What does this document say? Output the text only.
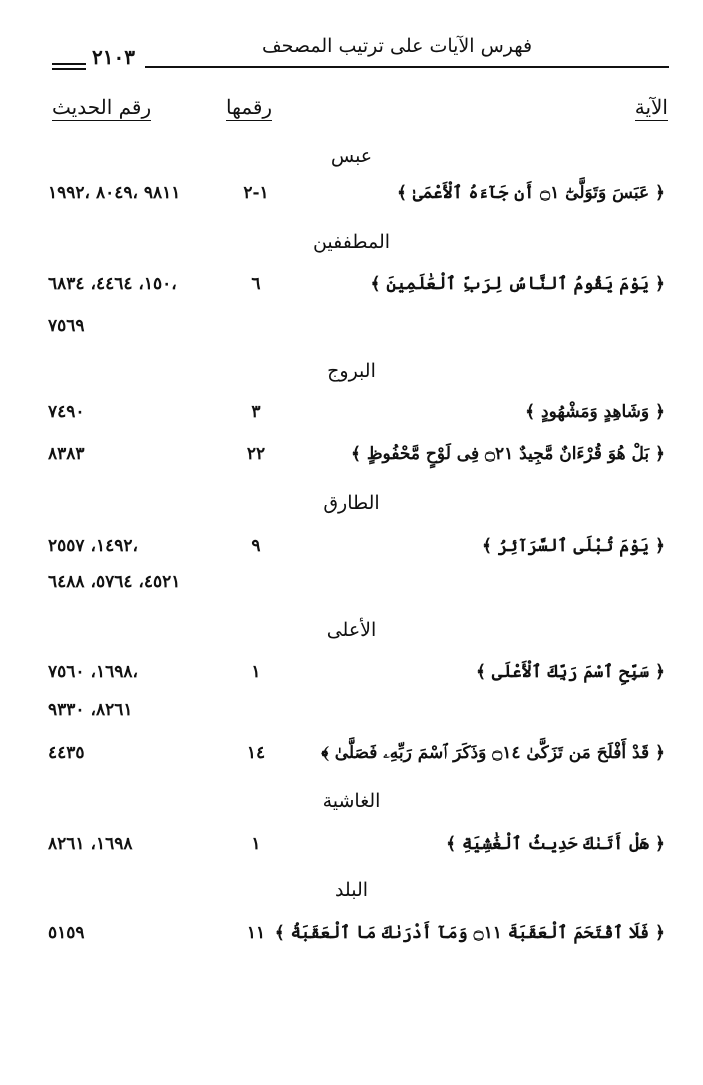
فهرس الآيات على ترتيب المصحف
٢١٠٣
الآية
رقمها
رقم الحديث
عبس
﴿ عَبَسَ وَتَوَلَّىٰٓ ۝١ أَن جَآءَهُ ٱلْأَعْمَىٰ ﴾
١-٢
٩٨١١ ،٨٠٤٩ ،١٩٩٢
المطففين
﴿ يَوْمَ يَقُومُ ٱلنَّاسُ لِرَبِّ ٱلْعَٰلَمِينَ ﴾
٦
١٥٠، ٤٤٦٤، ٦٨٣٤،
٧٥٦٩
البروج
﴿ وَشَاهِدٍ وَمَشْهُودٍ ﴾
٣
٧٤٩٠
﴿ بَلْ هُوَ قُرْءَانٌ مَّجِيدٌ ۝٢١ فِى لَوْحٍ مَّحْفُوظٍ ﴾
٢٢
٨٣٨٣
الطارق
﴿ يَوْمَ تُبْلَى ٱلسَّرَآئِرُ ﴾
٩
١٤٩٢، ٢٥٥٧،
٤٥٢١، ٥٧٦٤، ٦٤٨٨
الأعلى
﴿ سَبِّحِ ٱسْمَ رَبِّكَ ٱلْأَعْلَى ﴾
١
١٦٩٨، ٧٥٦٠،
٨٢٦١، ٩٣٣٠
﴿ قَدْ أَفْلَحَ مَن تَزَكَّىٰ ۝١٤ وَذَكَرَ ٱسْمَ رَبِّهِۦ فَصَلَّىٰ ﴾
١٤
٤٤٣٥
الغاشية
﴿ هَلْ أَتَىٰكَ حَدِيثُ ٱلْغَٰشِيَةِ ﴾
١
١٦٩٨، ٨٢٦١
البلد
﴿ فَلَا ٱقْتَحَمَ ٱلْعَقَبَةَ ۝١١ وَمَآ أَدْرَىٰكَ مَا ٱلْعَقَبَةُ ﴾
١١
٥١٥٩
